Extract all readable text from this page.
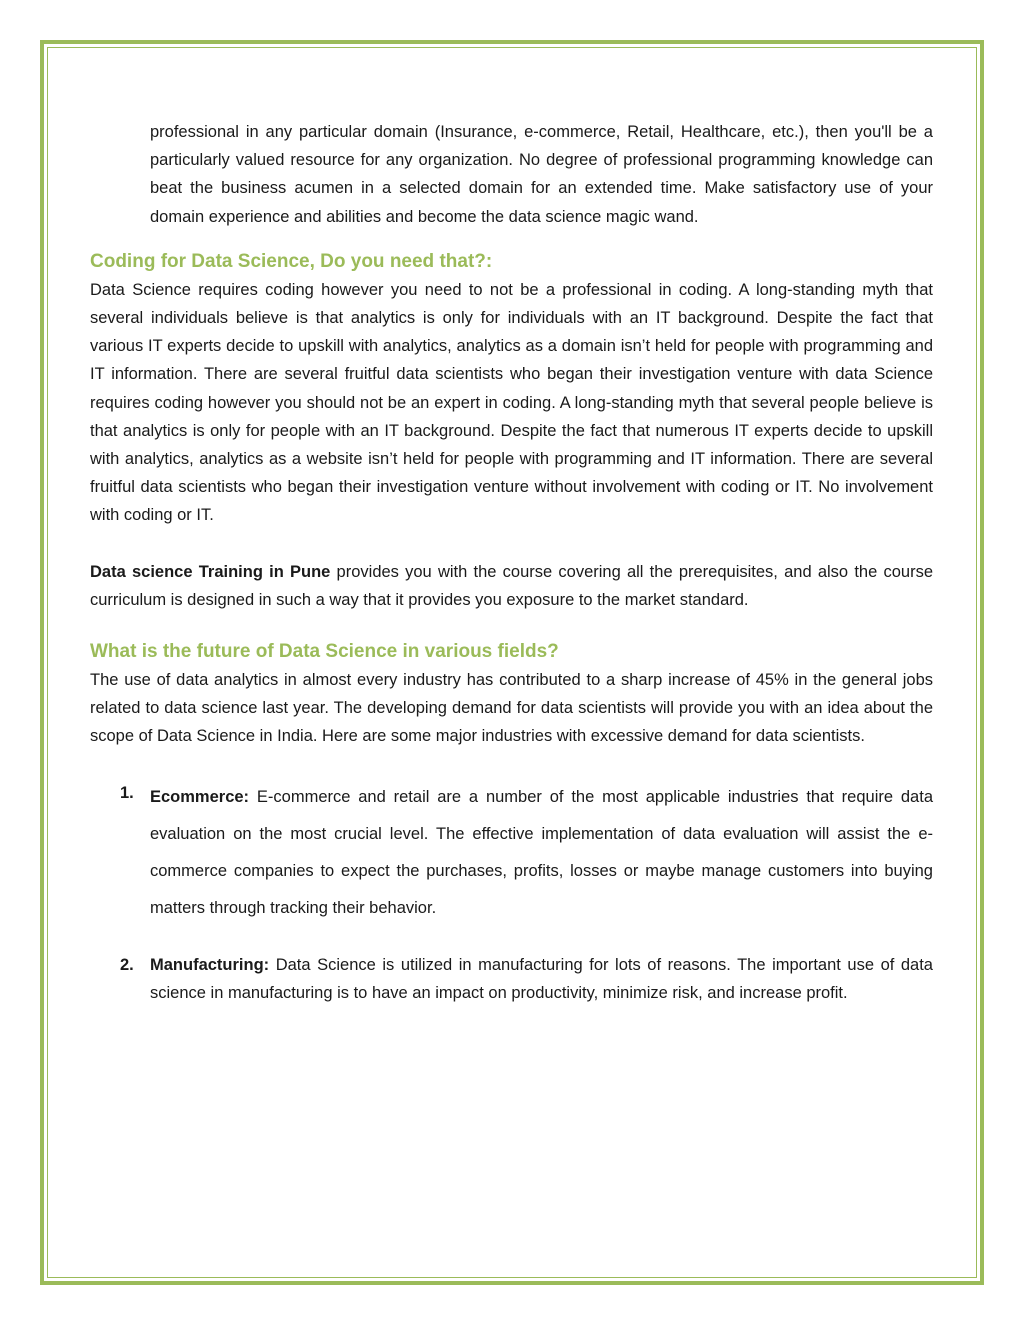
professional in any particular domain (Insurance, e-commerce, Retail, Healthcare, etc.), then you'll be a particularly valued resource for any organization. No degree of professional programming knowledge can beat the business acumen in a selected domain for an extended time. Make satisfactory use of your domain experience and abilities and become the data science magic wand.

Coding for Data Science, Do you need that?:

Data Science requires coding however you need to not be a professional in coding. A long-standing myth that several individuals believe is that analytics is only for individuals with an IT background. Despite the fact that various IT experts decide to upskill with analytics, analytics as a domain isn’t held for people with programming and IT information. There are several fruitful data scientists who began their investigation venture with data Science requires coding however you should not be an expert in coding. A long-standing myth that several people believe is that analytics is only for people with an IT background. Despite the fact that numerous IT experts decide to upskill with analytics, analytics as a website isn’t held for people with programming and IT information. There are several fruitful data scientists who began their investigation venture without involvement with coding or IT. No involvement with coding or IT.

Data science Training in Pune provides you with the course covering all the prerequisites, and also the course curriculum is designed in such a way that it provides you exposure to the market standard.

What is the future of Data Science in various fields?

The use of data analytics in almost every industry has contributed to a sharp increase of 45% in the general jobs related to data science last year. The developing demand for data scientists will provide you with an idea about the scope of Data Science in India. Here are some major industries with excessive demand for data scientists.

1. Ecommerce: E-commerce and retail are a number of the most applicable industries that require data evaluation on the most crucial level. The effective implementation of data evaluation will assist the e-commerce companies to expect the purchases, profits, losses or maybe manage customers into buying matters through tracking their behavior.

2. Manufacturing: Data Science is utilized in manufacturing for lots of reasons. The important use of data science in manufacturing is to have an impact on productivity, minimize risk, and increase profit.
